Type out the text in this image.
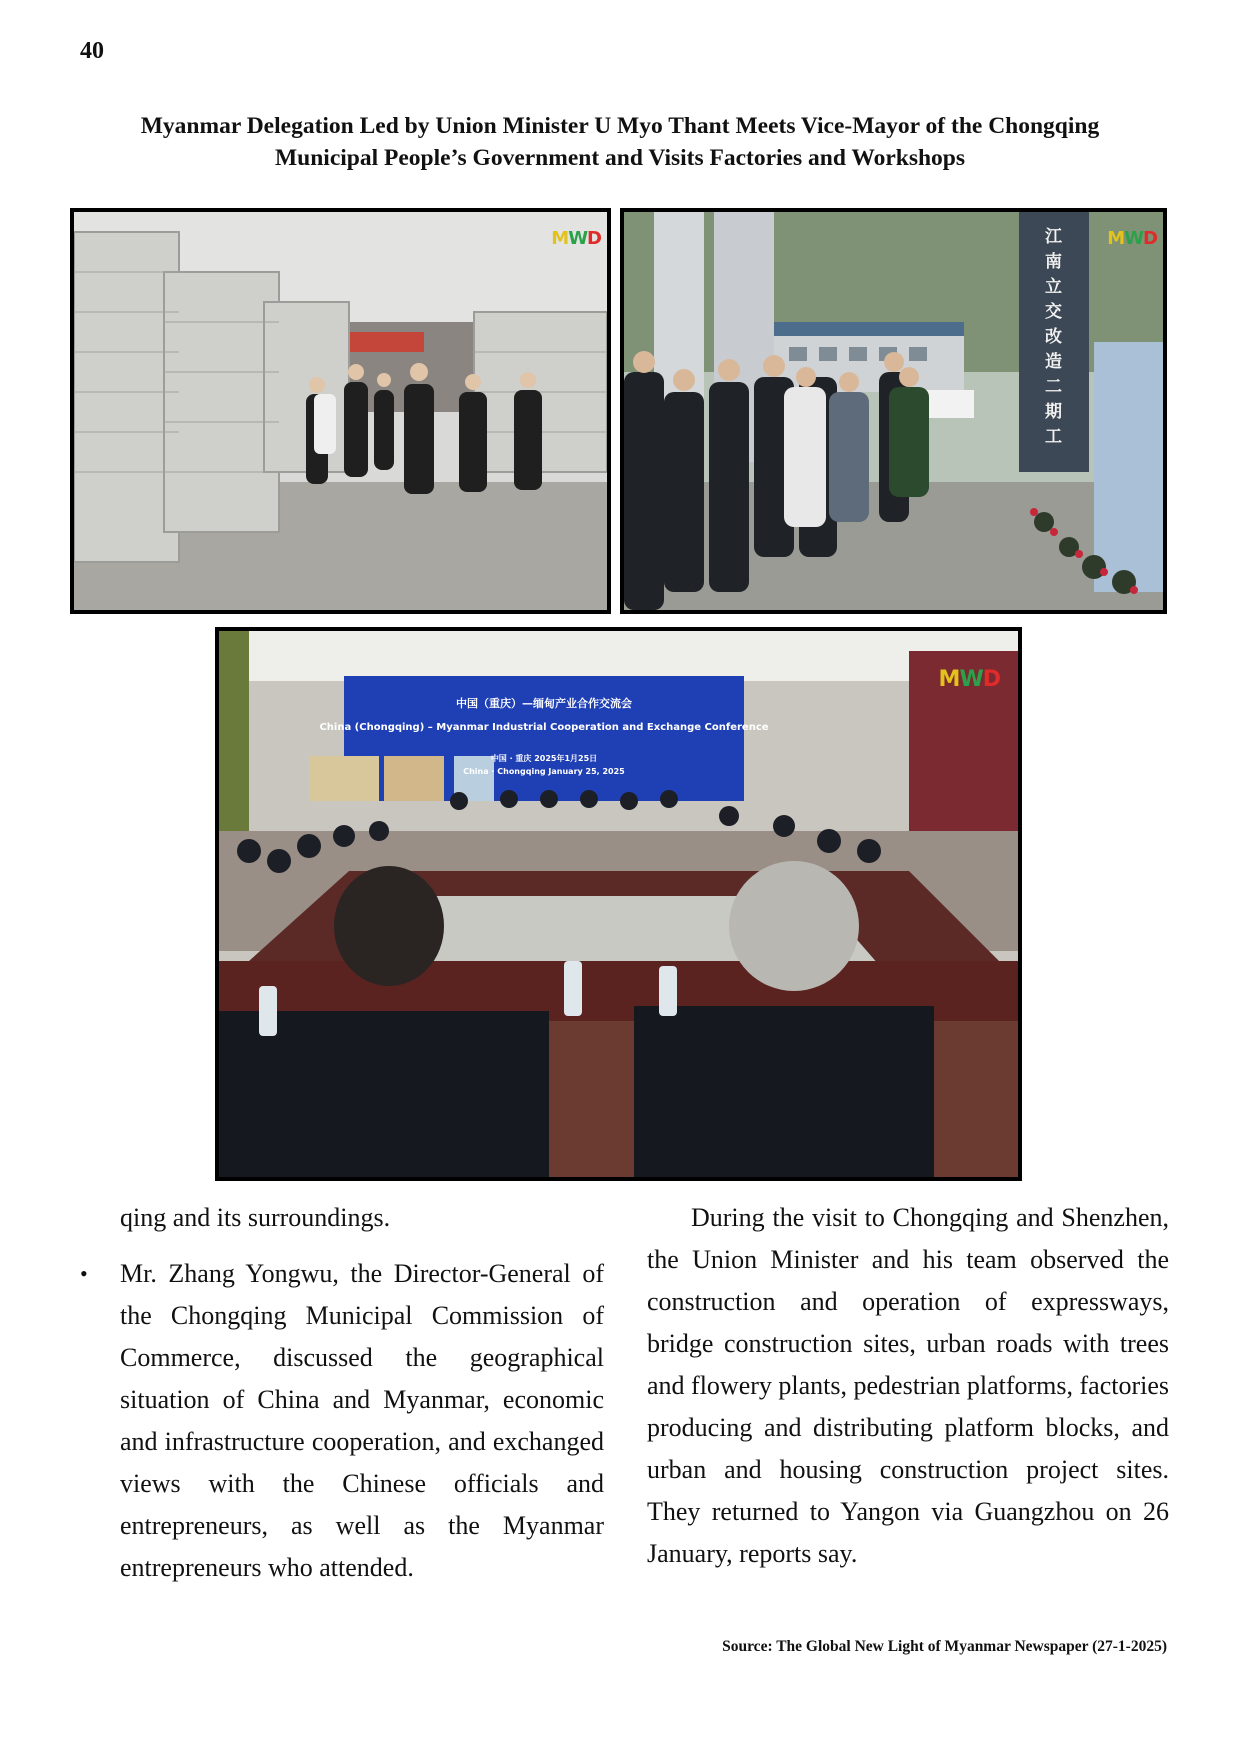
40
Myanmar Delegation Led by Union Minister U Myo Thant Meets Vice-Mayor of the Chongqing
Municipal People’s Government and Visits Factories and Workshops
MWD	江
南
立
交
改
造
二
期
工
MWD
中国（重庆）—缅甸产业合作交流会
China (Chongqing) – Myanmar Industrial Cooperation and Exchange Conference
中国 · 重庆 2025年1月25日
China · Chongqing January 25, 2025
MWD

qing and its surroundings.

• Mr. Zhang Yongwu, the Director-General of the Chongqing Municipal Commission of Commerce, discussed the geographical situation of China and Myanmar, economic and infrastructure cooperation, and exchanged views with the Chinese officials and entrepreneurs, as well as the Myanmar entrepreneurs who attended.

During the visit to Chongqing and Shenzhen, the Union Minister and his team observed the construction and operation of expressways, bridge construction sites, urban roads with trees and flowery plants, pedestrian platforms, factories producing and distributing platform blocks, and urban and housing construction project sites. They returned to Yangon via Guangzhou on 26 January, reports say.

Source: The Global New Light of Myanmar Newspaper (27-1-2025)
